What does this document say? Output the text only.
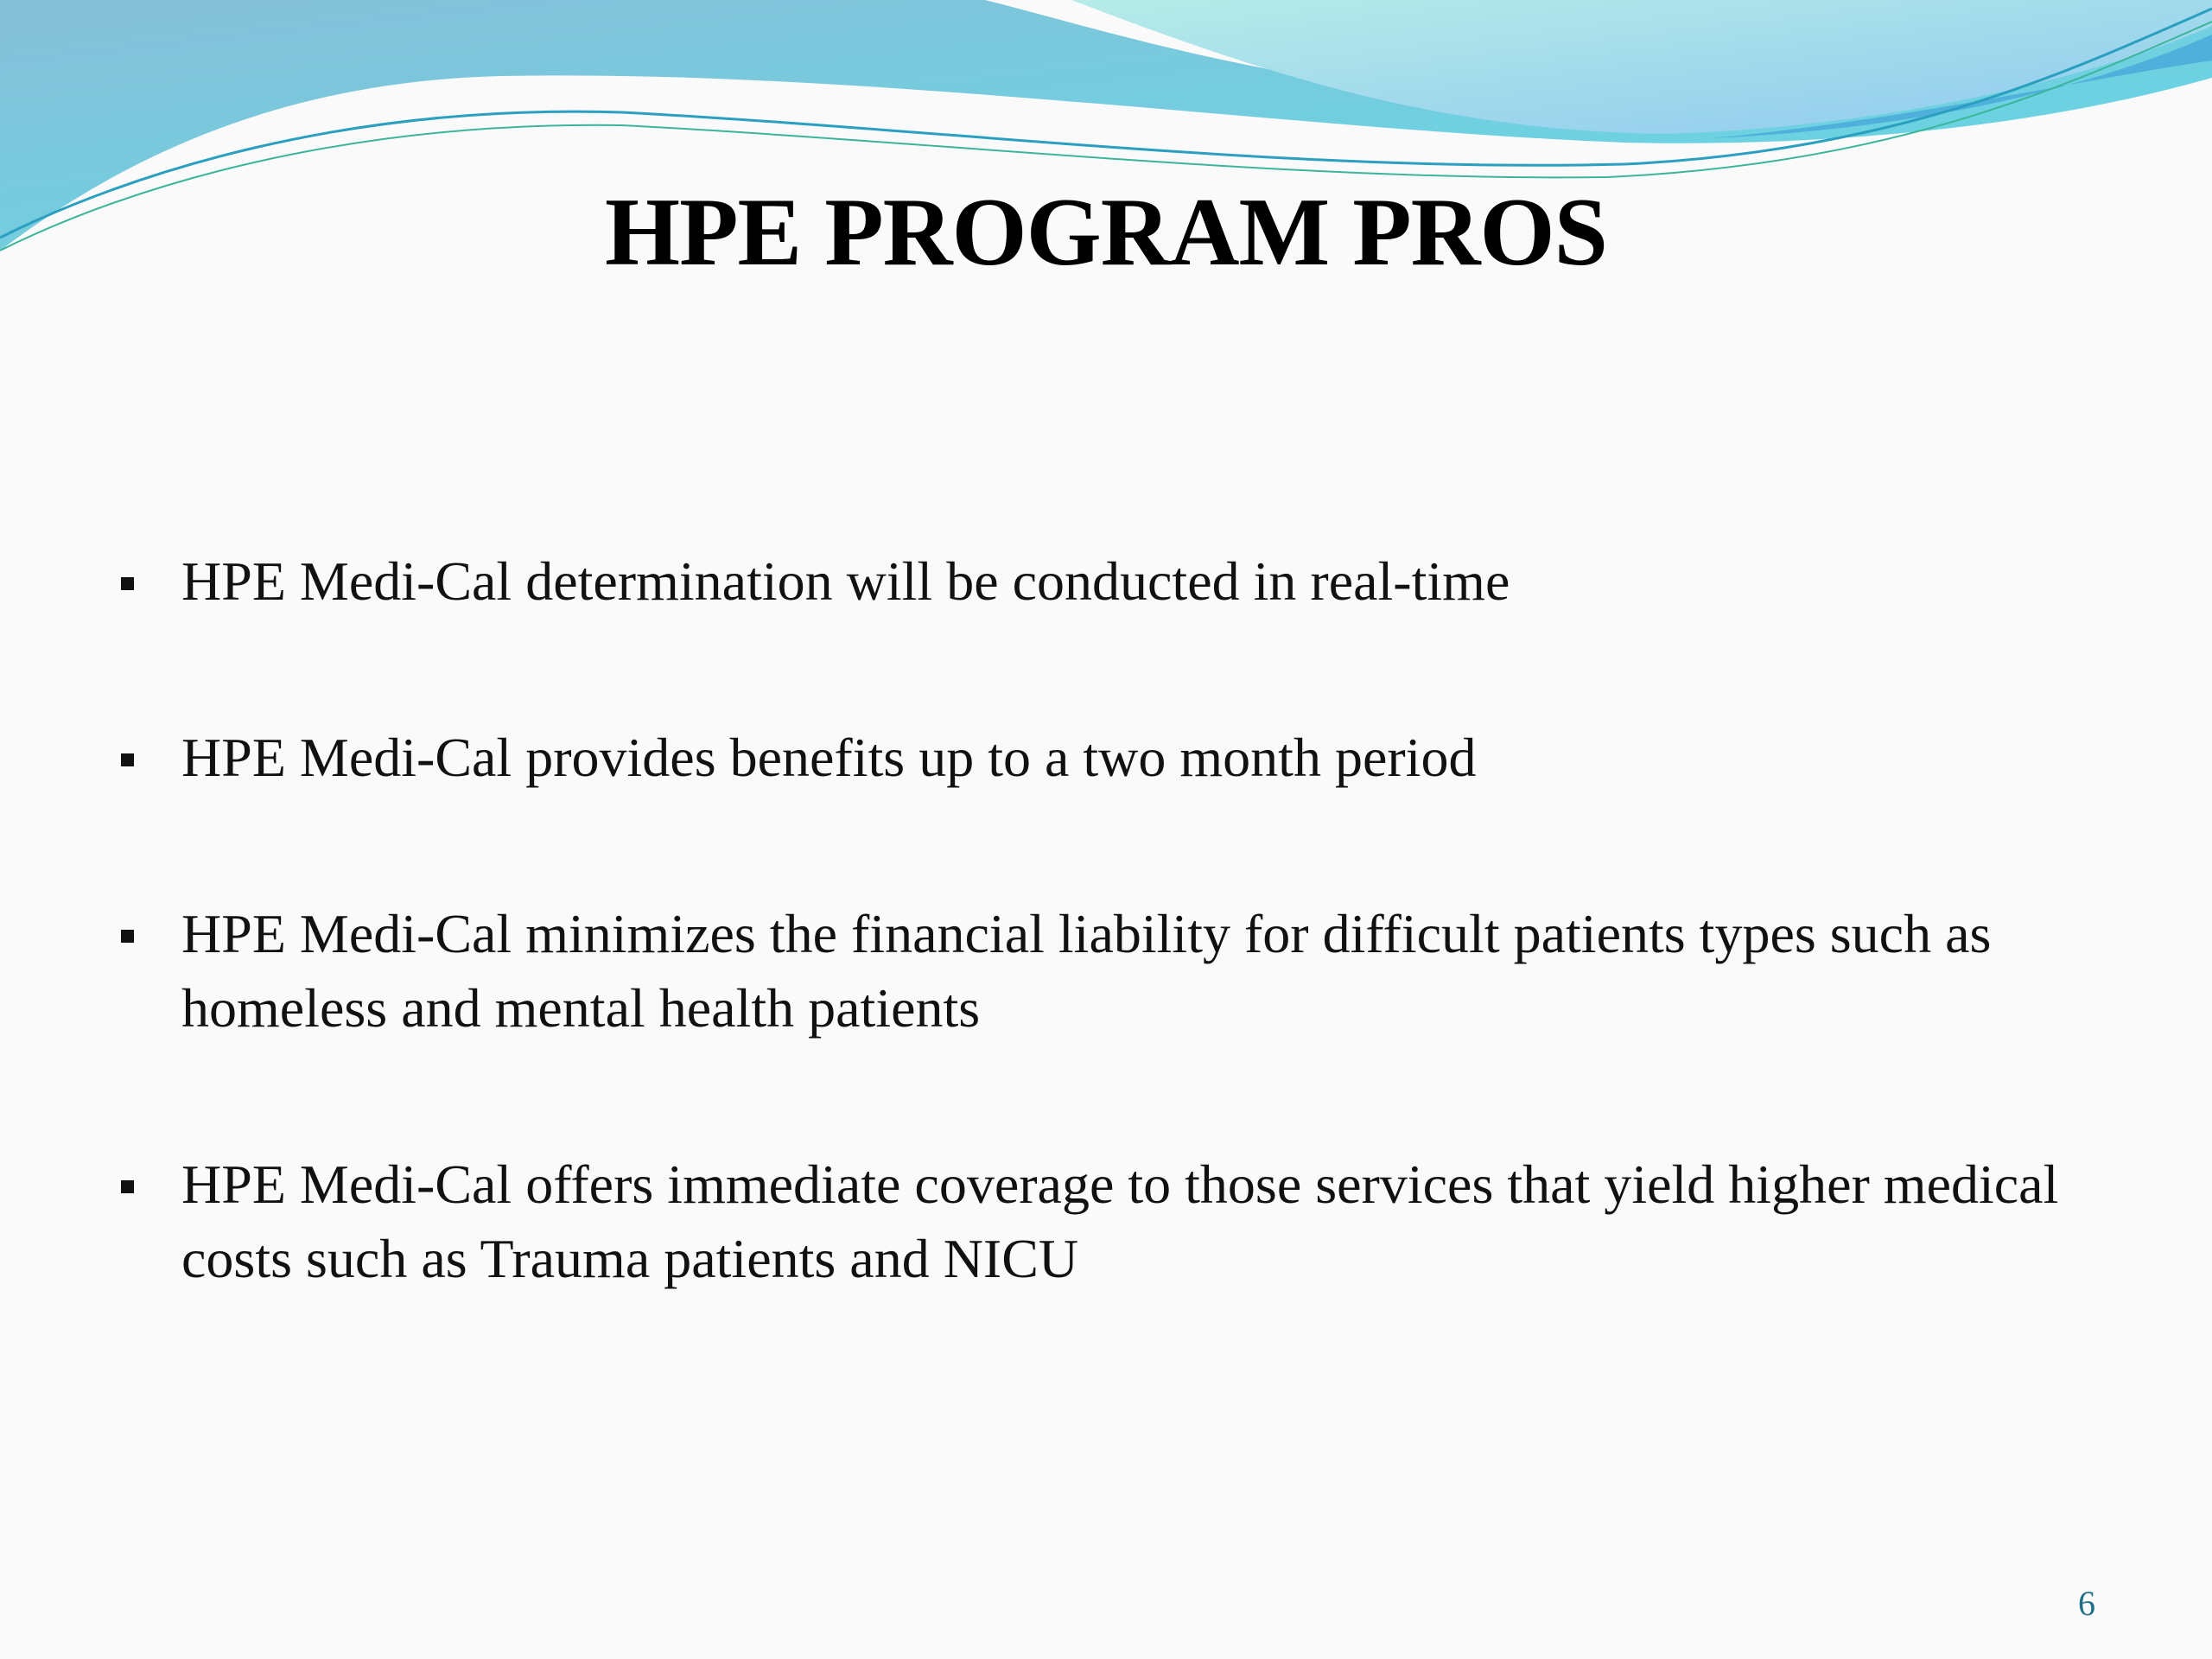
HPE PROGRAM PROS
HPE Medi-Cal determination will be conducted in real-time
HPE Medi-Cal provides benefits up to a two month period
HPE Medi-Cal minimizes the financial liability for difficult patients types such as homeless and mental health patients
HPE Medi-Cal offers immediate coverage to those services that yield higher medical costs such as Trauma patients and NICU
6
